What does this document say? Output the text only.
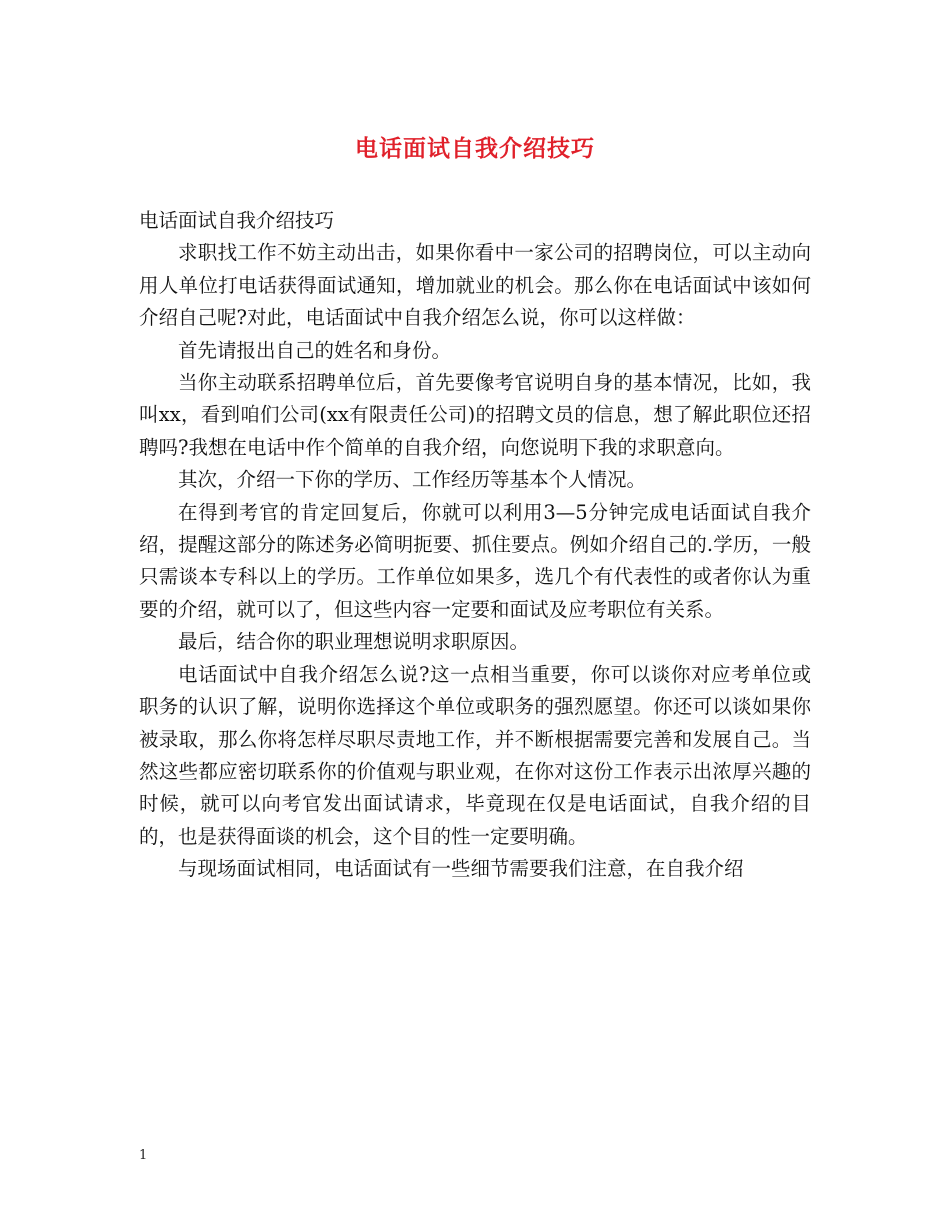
电话面试自我介绍技巧

电话面试自我介绍技巧

求职找工作不妨主动出击，如果你看中一家公司的招聘岗位，可以主动向用人单位打电话获得面试通知，增加就业的机会。那么你在电话面试中该如何介绍自己呢?对此，电话面试中自我介绍怎么说，你可以这样做：

首先请报出自己的姓名和身份。

当你主动联系招聘单位后，首先要像考官说明自身的基本情况，比如，我叫xx，看到咱们公司(xx有限责任公司)的招聘文员的信息，想了解此职位还招聘吗?我想在电话中作个简单的自我介绍，向您说明下我的求职意向。

其次，介绍一下你的学历、工作经历等基本个人情况。

在得到考官的肯定回复后，你就可以利用3—5分钟完成电话面试自我介绍，提醒这部分的陈述务必简明扼要、抓住要点。例如介绍自己的.学历，一般只需谈本专科以上的学历。工作单位如果多，选几个有代表性的或者你认为重要的介绍，就可以了，但这些内容一定要和面试及应考职位有关系。

最后，结合你的职业理想说明求职原因。

电话面试中自我介绍怎么说?这一点相当重要，你可以谈你对应考单位或职务的认识了解，说明你选择这个单位或职务的强烈愿望。你还可以谈如果你被录取，那么你将怎样尽职尽责地工作，并不断根据需要完善和发展自己。当然这些都应密切联系你的价值观与职业观，在你对这份工作表示出浓厚兴趣的时候，就可以向考官发出面试请求，毕竟现在仅是电话面试，自我介绍的目的，也是获得面谈的机会，这个目的性一定要明确。

与现场面试相同，电话面试有一些细节需要我们注意，在自我介绍

1
